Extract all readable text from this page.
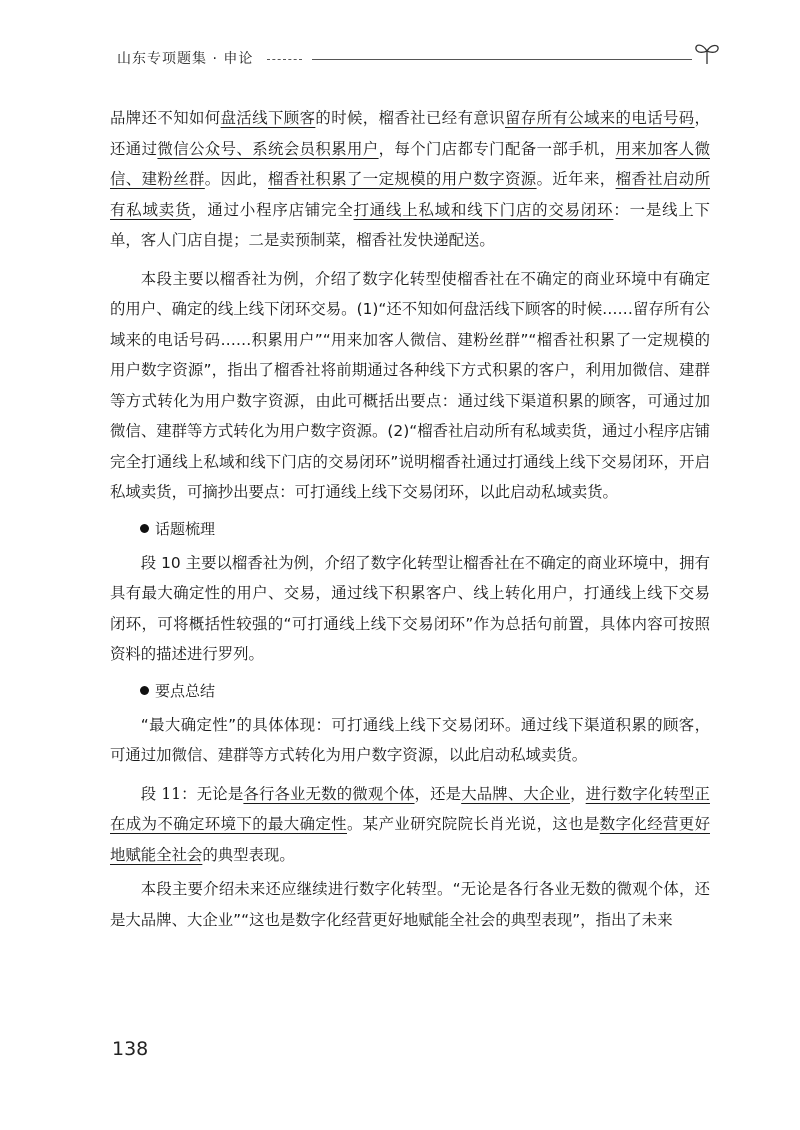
山东专项题集 · 申论

品牌还不知如何盘活线下顾客的时候，榴香社已经有意识留存所有公域来的电话号码，还通过微信公众号、系统会员积累用户，每个门店都专门配备一部手机，用来加客人微信、建粉丝群。因此，榴香社积累了一定规模的用户数字资源。近年来，榴香社启动所有私域卖货，通过小程序店铺完全打通线上私域和线下门店的交易闭环：一是线上下单，客人门店自提；二是卖预制菜，榴香社发快递配送。

本段主要以榴香社为例，介绍了数字化转型使榴香社在不确定的商业环境中有确定的用户、确定的线上线下闭环交易。(1)“还不知如何盘活线下顾客的时候……留存所有公域来的电话号码……积累用户”“用来加客人微信、建粉丝群”“榴香社积累了一定规模的用户数字资源”，指出了榴香社将前期通过各种线下方式积累的客户，利用加微信、建群等方式转化为用户数字资源，由此可概括出要点：通过线下渠道积累的顾客，可通过加微信、建群等方式转化为用户数字资源。(2)“榴香社启动所有私域卖货，通过小程序店铺完全打通线上私域和线下门店的交易闭环”说明榴香社通过打通线上线下交易闭环，开启私域卖货，可摘抄出要点：可打通线上线下交易闭环，以此启动私域卖货。

话题梳理

段 10 主要以榴香社为例，介绍了数字化转型让榴香社在不确定的商业环境中，拥有具有最大确定性的用户、交易，通过线下积累客户、线上转化用户，打通线上线下交易闭环，可将概括性较强的“可打通线上线下交易闭环”作为总括句前置，具体内容可按照资料的描述进行罗列。

要点总结

“最大确定性”的具体体现：可打通线上线下交易闭环。通过线下渠道积累的顾客，可通过加微信、建群等方式转化为用户数字资源，以此启动私域卖货。

段 11：无论是各行各业无数的微观个体，还是大品牌、大企业，进行数字化转型正在成为不确定环境下的最大确定性。某产业研究院院长肖光说，这也是数字化经营更好地赋能全社会的典型表现。

本段主要介绍未来还应继续进行数字化转型。“无论是各行各业无数的微观个体，还是大品牌、大企业”“这也是数字化经营更好地赋能全社会的典型表现”，指出了未来

138
